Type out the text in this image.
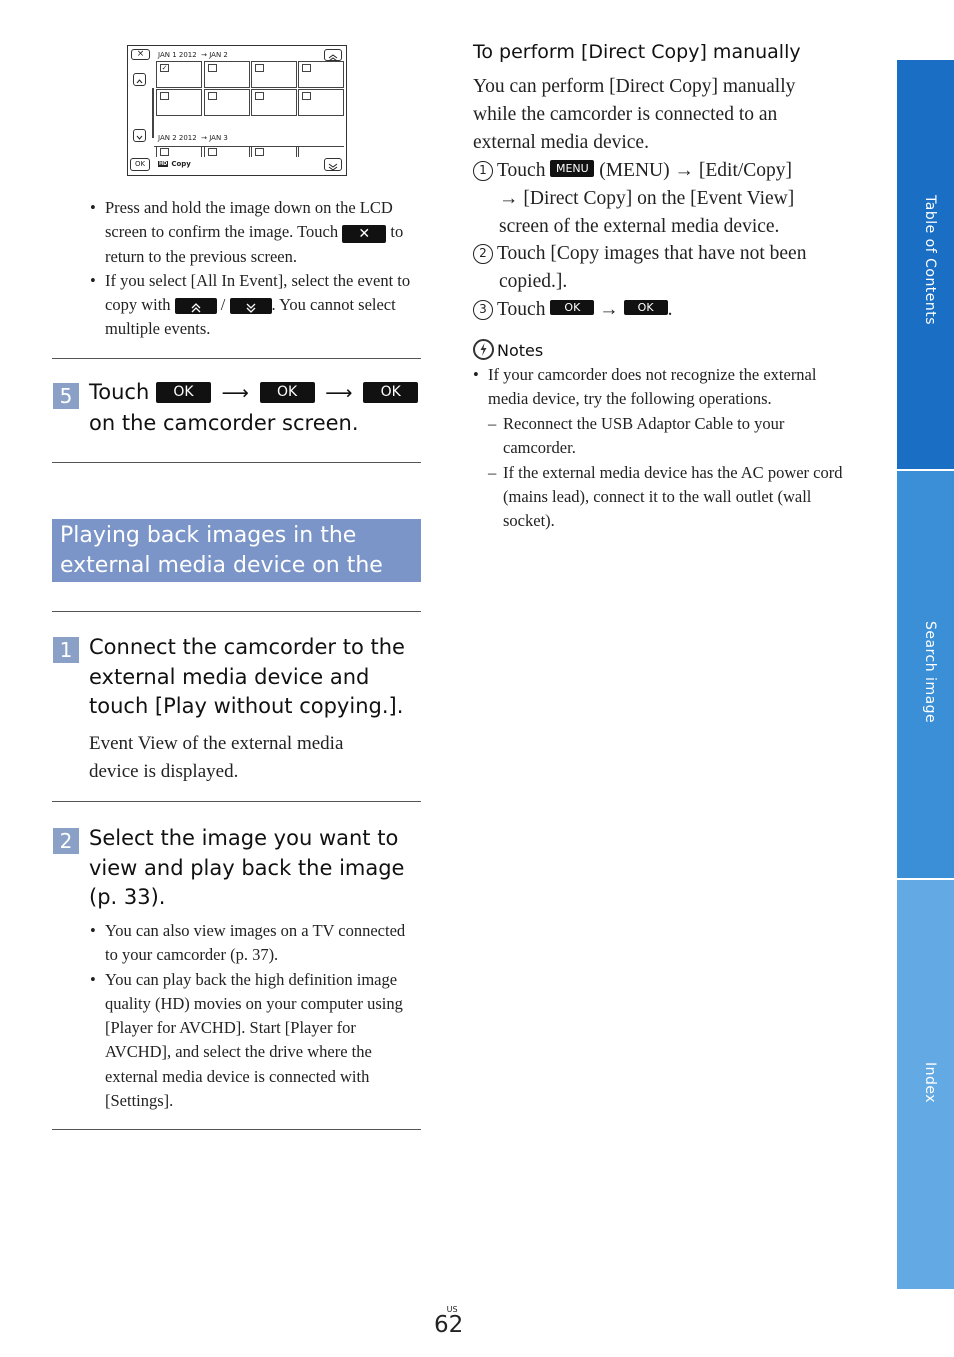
×	JAN 1 2012  → JAN 2
✓
JAN 2 2012  → JAN 3
OK	HD Copy
• Press and hold the image down on the LCD screen to confirm the image. Touch ✕ to return to the previous screen.
• If you select [All In Event], select the event to copy with	/	. You cannot select multiple events.
5 Touch OK ⟶ OK ⟶ OK
on the camcorder screen.
Playing back images in the external media device on the camcorder
1 Connect the camcorder to the external media device and touch [Play without copying.].
Event View of the external media device is displayed.
2 Select the image you want to view and play back the image (p. 33).
• You can also view images on a TV connected to your camcorder (p. 37).
• You can play back the high definition image quality (HD) movies on your computer using [Player for AVCHD]. Start [Player for AVCHD], and select the drive where the external media device is connected with [Settings].
To perform [Direct Copy] manually
You can perform [Direct Copy] manually while the camcorder is connected to an external media device.
1 Touch MENU (MENU) → [Edit/Copy]
→ [Direct Copy] on the [Event View]
screen of the external media device.
2 Touch [Copy images that have not been
copied.].
3 Touch OK → OK .
Notes
• If your camcorder does not recognize the external media device, try the following operations.
– Reconnect the USB Adaptor Cable to your camcorder.
– If the external media device has the AC power cord (mains lead), connect it to the wall outlet (wall socket).
Table of Contents
Search image
Index
US
62
